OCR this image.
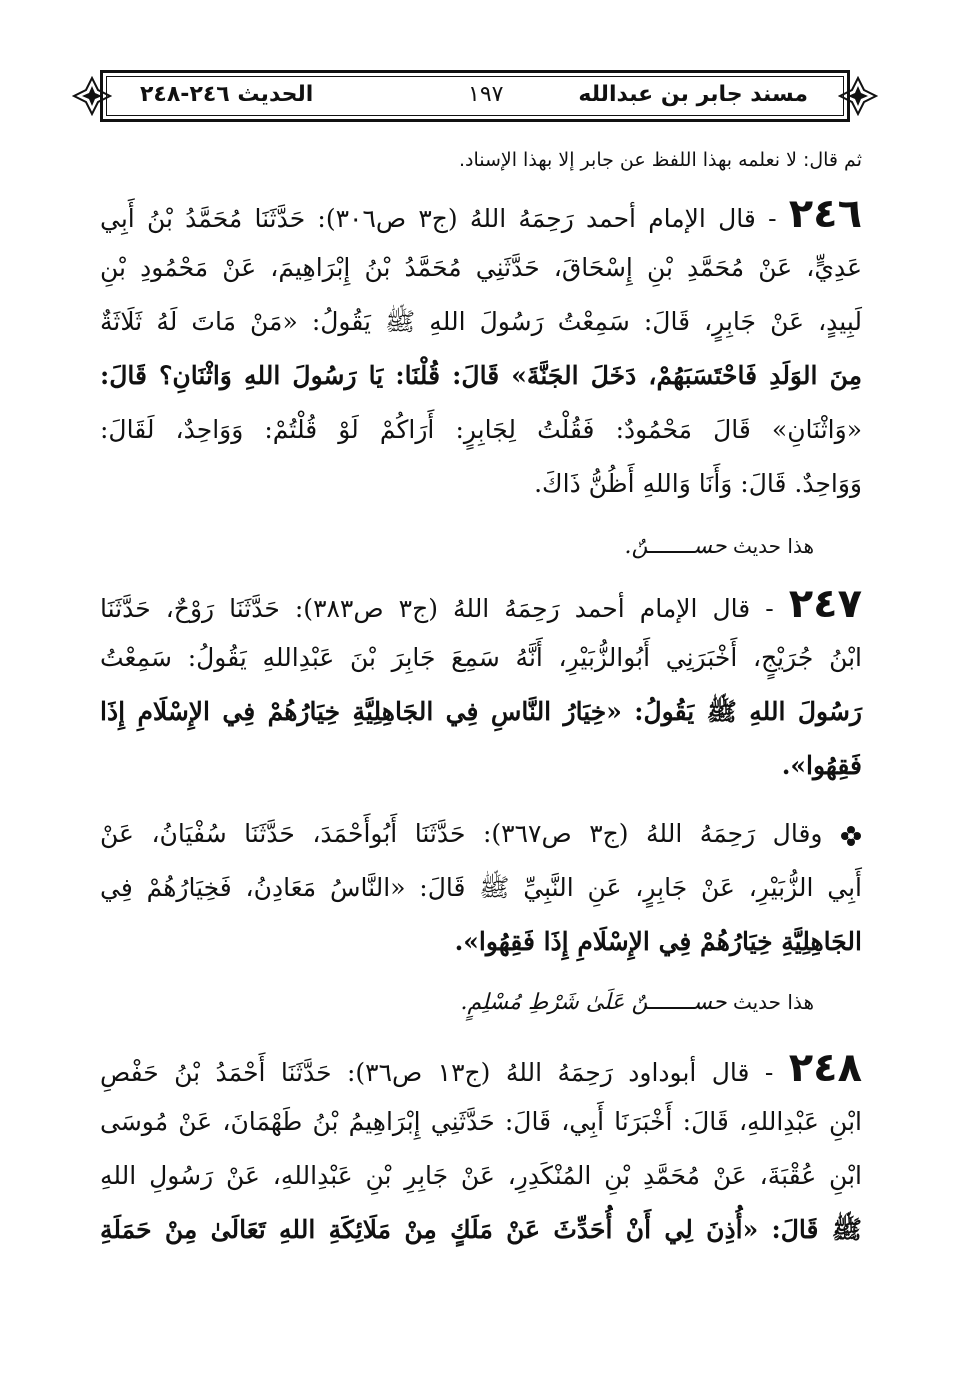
مسند جابر بن عبدالله
١٩٧
الحديث ٢٤٦-٢٤٨
ثم قال: لا نعلمه بهذا اللفظ عن جابر إلا بهذا الإسناد.
٢٤٦ - قال الإمام أحمد رَحِمَهُ اللهُ (ج٣ ص٣٠٦): حَدَّثَنَا مُحَمَّدُ بْنُ أَبِي
عَدِيٍّ، عَنْ مُحَمَّدِ بْنِ إِسْحَاقَ، حَدَّثَنِي مُحَمَّدُ بْنُ إِبْرَاهِيمَ، عَنْ مَحْمُودِ بْنِ
لَبِيدٍ، عَنْ جَابِرٍ، قَالَ: سَمِعْتُ رَسُولَ اللهِ ﷺ يَقُولُ: «مَنْ مَاتَ لَهُ ثَلَاثَةٌ
مِنَ الوَلَدِ فَاحْتَسَبَهُمْ، دَخَلَ الجَنَّةَ» قَالَ: قُلْنَا: يَا رَسُولَ اللهِ وَاثْنَانِ؟ قَالَ:
«وَاثْنَانِ» قَالَ مَحْمُودٌ: فَقُلْتُ لِجَابِرٍ: أَرَاكُمْ لَوْ قُلْتُمْ: وَوَاحِدٌ، لَقَالَ:
وَوَاحِدٌ. قَالَ: وَأَنَا وَاللهِ أَظُنُّ ذَاكَ.
هذا حديث حســـــــنٌ.
٢٤٧ - قال الإمام أحمد رَحِمَهُ اللهُ (ج٣ ص٣٨٣): حَدَّثَنَا رَوْحٌ، حَدَّثَنَا
ابْنُ جُرَيْجٍ، أَخْبَرَنِي أَبُوالزُّبَيْرِ، أَنَّهُ سَمِعَ جَابِرَ بْنَ عَبْدِاللهِ يَقُولُ: سَمِعْتُ
رَسُولَ اللهِ ﷺ يَقُولُ: «خِيَارُ النَّاسِ فِي الجَاهِلِيَّةِ خِيَارُهُمْ فِي الإِسْلَامِ إِذَا
فَقِهُوا».
وقال رَحِمَهُ اللهُ (ج٣ ص٣٦٧): حَدَّثَنَا أَبُوأَحْمَدَ، حَدَّثَنَا سُفْيَانُ، عَنْ
أَبِي الزُّبَيْرِ، عَنْ جَابِرٍ، عَنِ النَّبِيِّ ﷺ قَالَ: «النَّاسُ مَعَادِنُ، فَخِيَارُهُمْ فِي
الجَاهِلِيَّةِ خِيَارُهُمْ فِي الإِسْلَامِ إِذَا فَقِهُوا».
هذا حديث حســـــــنٌ عَلَىٰ شَرْطِ مُسْلِمٍ.
٢٤٨ - قال أبوداود رَحِمَهُ اللهُ (ج١٣ ص٣٦): حَدَّثَنَا أَحْمَدُ بْنُ حَفْصِ
ابْنِ عَبْدِاللهِ، قَالَ: أَخْبَرَنَا أَبِي، قَالَ: حَدَّثَنِي إِبْرَاهِيمُ بْنُ طَهْمَانَ، عَنْ مُوسَى
ابْنِ عُقْبَةَ، عَنْ مُحَمَّدِ بْنِ المُنْكَدِرِ، عَنْ جَابِرِ بْنِ عَبْدِاللهِ، عَنْ رَسُولِ اللهِ
ﷺ قَالَ: «أُذِنَ لِي أَنْ أُحَدِّثَ عَنْ مَلَكٍ مِنْ مَلَائِكَةِ اللهِ تَعَالَىٰ مِنْ حَمَلَةِ
